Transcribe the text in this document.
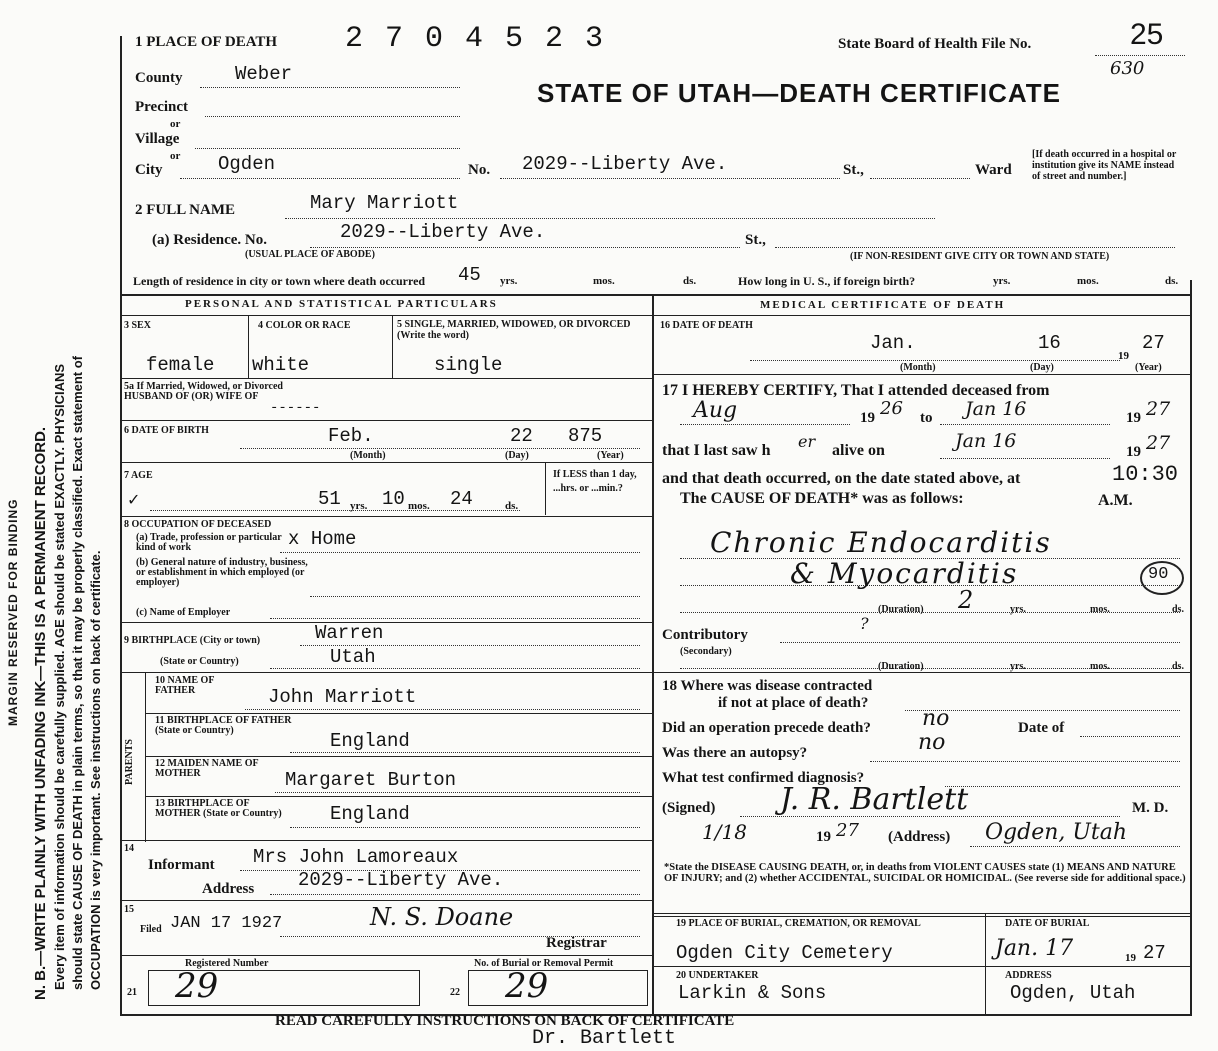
MARGIN RESERVED FOR BINDING N. B.—WRITE PLAINLY WITH UNFADING INK—THIS IS A PERMANENT RECORD. Every item of information should be carefully supplied. AGE should be stated EXACTLY. PHYSICIANS should state CAUSE OF DEATH in plain terms, so that it may be properly classified. Exact statement of OCCUPATION is very important. See instructions on back of certificate.
1 PLACE OF DEATH 2 7 0 4 5 2 3	State Board of Health File No.	25
630
STATE OF UTAH—DEATH CERTIFICATE
County	Weber
Precinct
or
Village
or
City	Ogden	No. 2029--Liberty Ave.	St.,	Ward
[If death occurred in a hospital or institution give its NAME instead of street and number.]
2 FULL NAME	Mary Marriott
(a) Residence. No.	2029--Liberty Ave.	St.,
(USUAL PLACE OF ABODE)	(IF NON-RESIDENT GIVE CITY OR TOWN AND STATE)
Length of residence in city or town where death occurred 45 yrs.	mos.	ds.	How long in U. S., if foreign birth?	yrs.	mos.	ds.
PERSONAL AND STATISTICAL PARTICULARS	MEDICAL CERTIFICATE OF DEATH
3 SEX
female
4 COLOR OR RACE
white
5 SINGLE, MARRIED, WIDOWED, OR DIVORCED (Write the word)
single
5a If Married, Widowed, or Divorced HUSBAND OF (OR) WIFE OF
------
6 DATE OF BIRTH	Feb.	22 875
(Month)	(Day)	(Year)
7 AGE
✓	51 yrs. 10 mos. 24	ds.
If LESS than 1 day, ...hrs. or ...min.?
8 OCCUPATION OF DECEASED
(a) Trade, profession or particular kind of work	x Home
(b) General nature of industry, business, or establishment in which employed (or employer)
(c) Name of Employer
9 BIRTHPLACE (City or town)	Warren
(State or Country)	Utah
PARENTS
10 NAME OF FATHER	John Marriott
11 BIRTHPLACE OF FATHER (State or Country)	England
12 MAIDEN NAME OF MOTHER	Margaret Burton
13 BIRTHPLACE OF MOTHER (State or Country)	England
14
Informant Mrs John Lamoreaux
Address 2029--Liberty Ave.
15
Filed JAN 17 1927	N. S. Doane
Registrar
Registered Number	No. of Burial or Removal Permit
21 29	22 29
16 DATE OF DEATH
Jan.	16
19
27
(Month)	(Day)	(Year)
17 I HEREBY CERTIFY, That I attended deceased from
Aug	19 26 to Jan 16	19 27
that I last saw h er alive on	Jan 16	19 27
and that death occurred, on the date stated above, at	10:30
The CAUSE OF DEATH* was as follows:	A.M.
Chronic Endocarditis
& Myocarditis	90
(Duration) 2	yrs.	mos.	ds.
Contributory
(Secondary)
?
(Duration)	yrs.	mos.	ds.
18 Where was disease contracted
if not at place of death?
Did an operation precede death? no	Date of
Was there an autopsy?	no
What test confirmed diagnosis?
(Signed) J. R. Bartlett	M. D.
1/18	19 27 (Address) Ogden, Utah
*State the DISEASE CAUSING DEATH, or, in deaths from VIOLENT CAUSES state (1) MEANS AND NATURE OF INJURY; and (2) whether ACCIDENTAL, SUICIDAL OR HOMICIDAL. (See reverse side for additional space.)
19 PLACE OF BURIAL, CREMATION, OR REMOVAL
Ogden City Cemetery
DATE OF BURIAL
Jan. 17	19 27
20 UNDERTAKER
Larkin & Sons
ADDRESS
Ogden, Utah
READ CAREFULLY INSTRUCTIONS ON BACK OF CERTIFICATE
Dr. Bartlett
